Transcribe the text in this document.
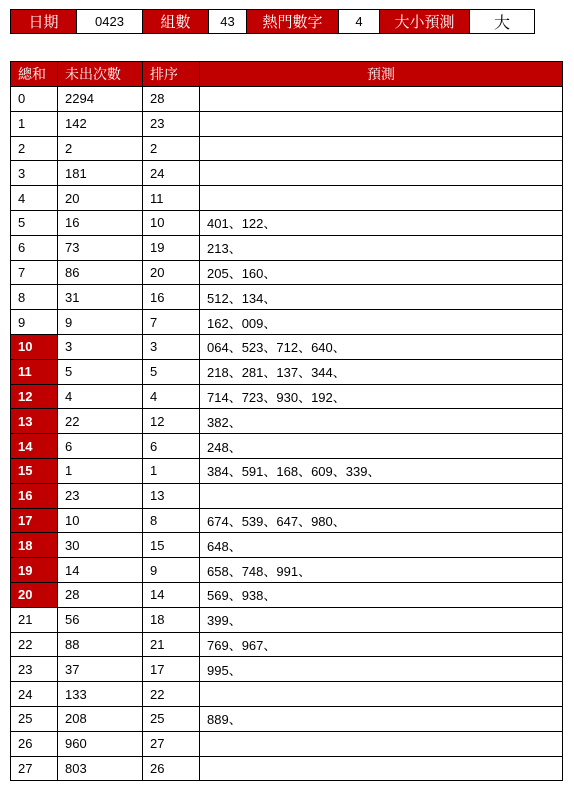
日期	0423	組數	43	熱門數字	4	大小預測	大
總和	未出次數	排序	預測
0	2294	28	
1	142	23	
2	2	2	
3	181	24	
4	20	11	
5	16	10	401、122、
6	73	19	213、
7	86	20	205、160、
8	31	16	512、134、
9	9	7	162、009、
10	3	3	064、523、712、640、
11	5	5	218、281、137、344、
12	4	4	714、723、930、192、
13	22	12	382、
14	6	6	248、
15	1	1	384、591、168、609、339、
16	23	13	
17	10	8	674、539、647、980、
18	30	15	648、
19	14	9	658、748、991、
20	28	14	569、938、
21	56	18	399、
22	88	21	769、967、
23	37	17	995、
24	133	22	
25	208	25	889、
26	960	27	
27	803	26	
